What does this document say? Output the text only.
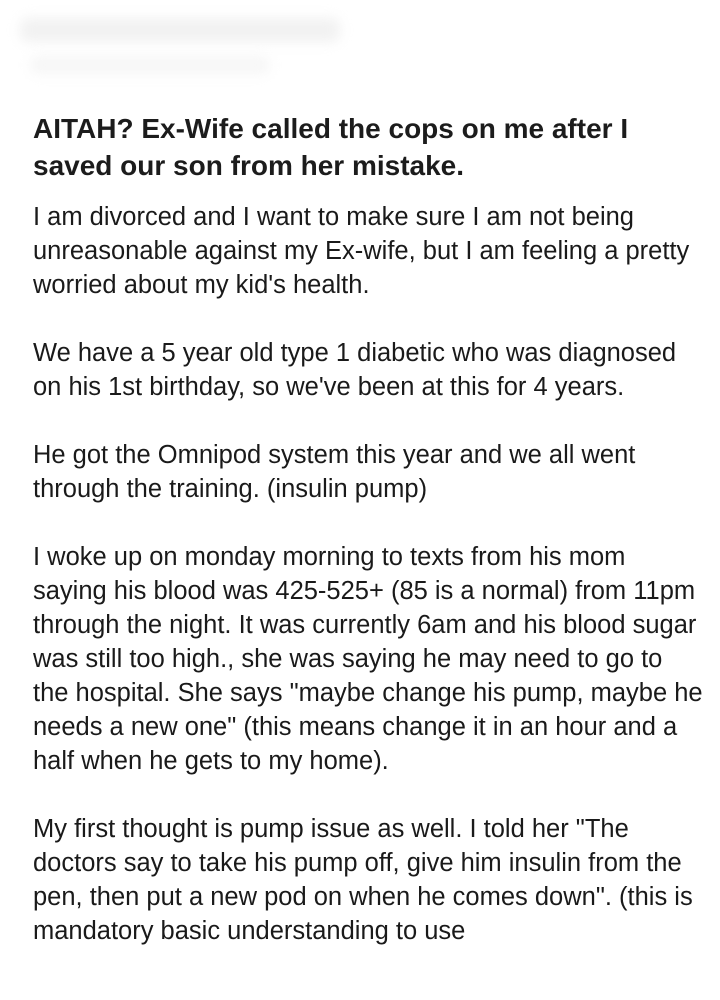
AITAH? Ex-Wife called the cops on me after I saved our son from her mistake.

I am divorced and I want to make sure I am not being unreasonable against my Ex-wife, but I am feeling a pretty worried about my kid's health.

We have a 5 year old type 1 diabetic who was diagnosed on his 1st birthday, so we've been at this for 4 years.

He got the Omnipod system this year and we all went through the training. (insulin pump)

I woke up on monday morning to texts from his mom saying his blood was 425-525+ (85 is a normal) from 11pm  through the night. It was currently 6am and his blood sugar was still too high., she was saying he may need to go to the hospital. She says "maybe change his pump, maybe he needs a new one" (this means change it in an hour and a half when he gets to my home).

My first thought is pump issue as well. I told her "The doctors say to take his pump off, give him insulin from the pen, then put a new pod on when he comes down". (this is mandatory basic understanding to use
